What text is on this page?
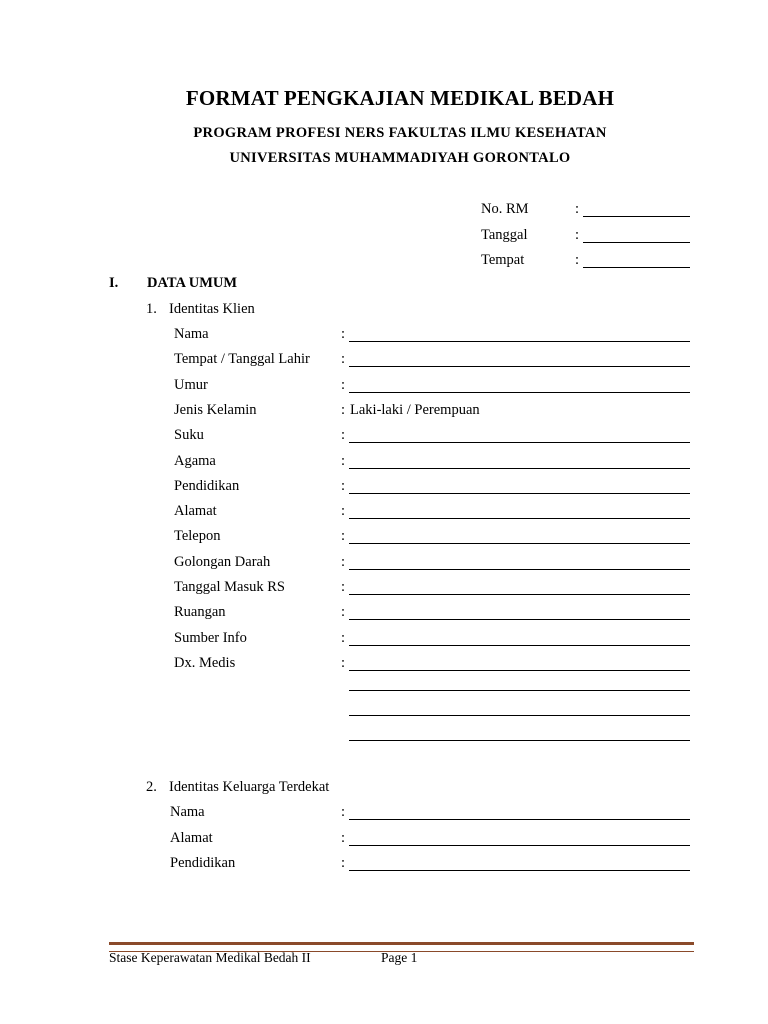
FORMAT PENGKAJIAN MEDIKAL BEDAH
PROGRAM PROFESI NERS FAKULTAS ILMU KESEHATAN
UNIVERSITAS MUHAMMADIYAH GORONTALO
No. RM	:
Tanggal	:
Tempat	:
I. DATA UMUM
1. Identitas Klien
Nama	:
Tempat / Tanggal Lahir :
Umur	:
Jenis Kelamin	: Laki-laki / Perempuan
Suku	:
Agama	:
Pendidikan	:
Alamat	:
Telepon	:
Golongan Darah	:
Tanggal Masuk RS	:
Ruangan	:
Sumber Info	:
Dx. Medis	:
2. Identitas Keluarga Terdekat
Nama	:
Alamat	:
Pendidikan	:
Stase Keperawatan Medikal Bedah II	Page 1
